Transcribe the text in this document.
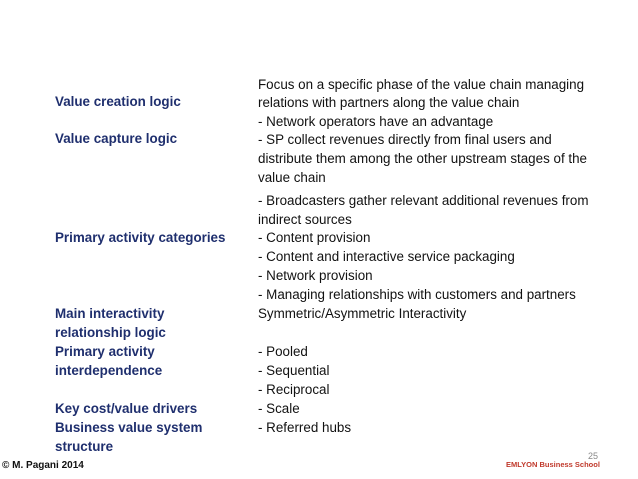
Value creation logic
Value capture logic
Primary activity categories
Main interactivity
relationship logic
Primary activity
interdependence
Key cost/value drivers
Business value system
structure
Focus on a specific phase of the value chain managing
relations with partners along the value chain
- Network operators have an advantage
- SP collect revenues directly from final users and
distribute them among the other upstream stages of the
value chain
- Broadcasters gather relevant additional revenues from
indirect sources
- Content provision
- Content and interactive service packaging
- Network provision
- Managing relationships with customers and partners
Symmetric/Asymmetric Interactivity
- Pooled
- Sequential
- Reciprocal
- Scale
- Referred hubs
© M. Pagani 2014
25
EMLYON Business School
